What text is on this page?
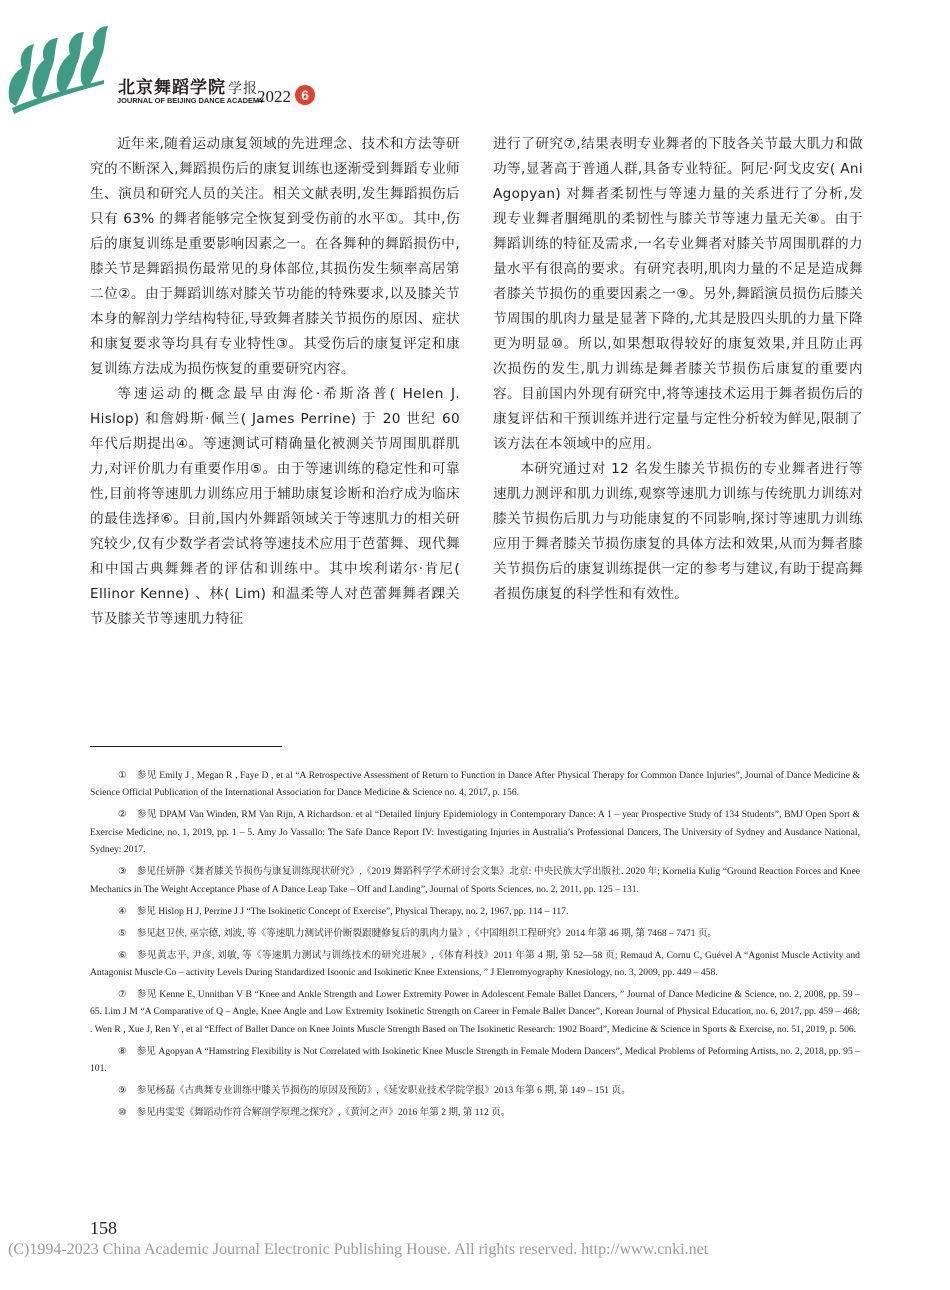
北京舞蹈学院 学报
JOURNAL OF BEIJING DANCE ACADEMY
2022 6

近年来,随着运动康复领域的先进理念、技术和方法等研究的不断深入,舞蹈损伤后的康复训练也逐渐受到舞蹈专业师生、演员和研究人员的关注。相关文献表明,发生舞蹈损伤后只有 63% 的舞者能够完全恢复到受伤前的水平①。其中,伤后的康复训练是重要影响因素之一。在各舞种的舞蹈损伤中,膝关节是舞蹈损伤最常见的身体部位,其损伤发生频率高居第二位②。由于舞蹈训练对膝关节功能的特殊要求,以及膝关节本身的解剖力学结构特征,导致舞者膝关节损伤的原因、症状和康复要求等均具有专业特性③。其受伤后的康复评定和康复训练方法成为损伤恢复的重要研究内容。

等速运动的概念最早由海伦·希斯洛普( Helen J. Hislop) 和詹姆斯·佩兰( James Perrine) 于 20 世纪 60 年代后期提出④。等速测试可精确量化被测关节周围肌群肌力,对评价肌力有重要作用⑤。由于等速训练的稳定性和可靠性,目前将等速肌力训练应用于辅助康复诊断和治疗成为临床的最佳选择⑥。目前,国内外舞蹈领域关于等速肌力的相关研究较少,仅有少数学者尝试将等速技术应用于芭蕾舞、现代舞和中国古典舞舞者的评估和训练中。其中埃利诺尔·肯尼( Ellinor Kenne) 、林( Lim) 和温柔等人对芭蕾舞舞者踝关节及膝关节等速肌力特征

进行了研究⑦,结果表明专业舞者的下肢各关节最大肌力和做功等,显著高于普通人群,具备专业特征。阿尼·阿戈皮安( Ani Agopyan) 对舞者柔韧性与等速力量的关系进行了分析,发现专业舞者腘绳肌的柔韧性与膝关节等速力量无关⑧。由于舞蹈训练的特征及需求,一名专业舞者对膝关节周围肌群的力量水平有很高的要求。有研究表明,肌肉力量的不足是造成舞者膝关节损伤的重要因素之一⑨。另外,舞蹈演员损伤后膝关节周围的肌肉力量是显著下降的,尤其是股四头肌的力量下降更为明显⑩。所以,如果想取得较好的康复效果,并且防止再次损伤的发生,肌力训练是舞者膝关节损伤后康复的重要内容。目前国内外现有研究中,将等速技术运用于舞者损伤后的康复评估和干预训练并进行定量与定性分析较为鲜见,限制了该方法在本领域中的应用。

本研究通过对 12 名发生膝关节损伤的专业舞者进行等速肌力测评和肌力训练,观察等速肌力训练与传统肌力训练对膝关节损伤后肌力与功能康复的不同影响,探讨等速肌力训练应用于舞者膝关节损伤康复的具体方法和效果,从而为舞者膝关节损伤后的康复训练提供一定的参考与建议,有助于提高舞者损伤康复的科学性和有效性。

① 参见 Emily J , Megan R , Faye D , et al “A Retrospective Assessment of Return to Function in Dance After Physical Therapy for Common Dance Injuries”, Journal of Dance Medicine & Science Official Publication of the International Association for Dance Medicine & Science no. 4, 2017, p. 156.
② 参见 DPAM Van Winden, RM Van Rijn, A Richardson. et al “Detailed Iinjury Epidemiology in Contemporary Dance: A 1 – year Prospective Study of 134 Students”, BMJ Open Sport & Exercise Medicine, no. 1, 2019, pp. 1 – 5. Amy Jo Vassallo: The Safe Dance Report IV: Investigating Injuries in Australia’s Professional Dancers, The University of Sydney and Ausdance National, Sydney: 2017.
③ 参见任妍静《舞者膝关节损伤与康复训练现状研究》,《2019 舞蹈科学学术研讨会文集》北京: 中央民族大学出版社. 2020 年; Kornelia Kulig “Ground Reaction Forces and Knee Mechanics in The Weight Acceptance Phase of A Dance Leap Take – Off and Landing”, Journal of Sports Sciences, no. 2, 2011, pp. 125 – 131.
④ 参见 Hislop H J, Perrine J J “The Isokinetic Concept of Exercise”, Physical Therapy, no. 2, 1967, pp. 114 – 117.
⑤ 参见赵卫侠, 巫宗德, 刘波, 等《等速肌力测试评价断裂跟腱修复后的肌肉力量》,《中国组织工程研究》2014 年第 46 期, 第 7468 – 7471 页。
⑥ 参见黄志平, 尹彦, 刘敏, 等《等速肌力测试与训练技术的研究进展》,《体育科技》2011 年第 4 期, 第 52—58 页; Remaud A, Cornu C, Guével A “Agonist Muscle Activity and Antagonist Muscle Co – activity Levels During Standardized Isoonic and Isokinetic Knee Extensions, ” J Eletromyography Knesiology, no. 3, 2009, pp. 449 – 458.
⑦ 参见 Kenne E, Unnithan V B “Knee and Ankle Strength and Lower Extremity Power in Adolescent Female Ballet Dancers, ” Journal of Dance Medicine & Science, no. 2, 2008, pp. 59 – 65. Lim J M “A Comparative of Q – Angle, Knee Angle and Low Extremity Isokinetic Strength on Career in Female Ballet Dancer”, Korean Journal of Physical Education, no. 6, 2017, pp. 459 – 468; . Wen R , Xue J, Ren Y , et al “Effect of Ballet Dance on Knee Joints Muscle Strength Based on The Isokinetic Research: 1902 Board”, Medicine & Science in Sports & Exercise, no. 51, 2019, p. 506.
⑧ 参见 Agopyan A “Hamstring Flexibility is Not Correlated with Isokinetic Knee Muscle Strength in Female Modern Dancers”, Medical Problems of Peforming Artists, no. 2, 2018, pp. 95 – 101.
⑨ 参见杨磊《古典舞专业训练中膝关节损伤的原因及预防》,《延安职业技术学院学报》2013 年第 6 期, 第 149 – 151 页。
⑩ 参见冉雯雯《舞蹈动作符合解剖学原理之探究》,《黄河之声》2016 年第 2 期, 第 112 页。
158
(C)1994-2023 China Academic Journal Electronic Publishing House. All rights reserved. http://www.cnki.net
